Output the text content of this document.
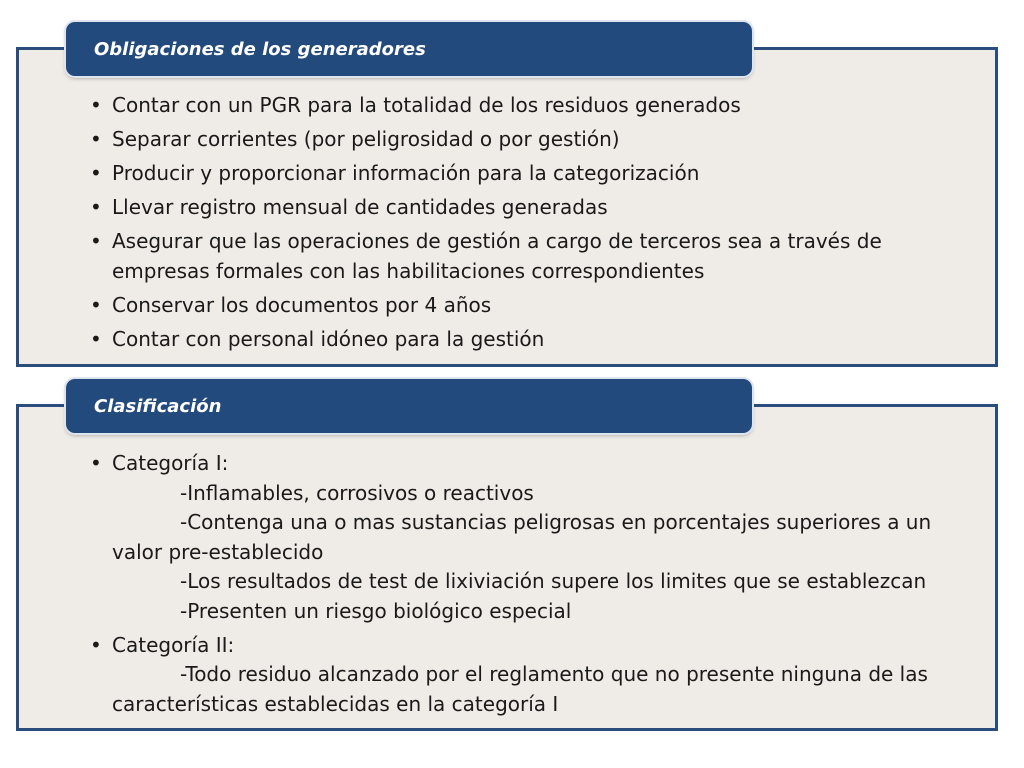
Obligaciones de los generadores
• Contar con un PGR para la totalidad de los residuos generados
• Separar corrientes (por peligrosidad o por gestión)
• Producir y proporcionar información para la categorización
• Llevar registro mensual de cantidades generadas
• Asegurar que las operaciones de gestión a cargo de terceros sea a través de empresas formales con las habilitaciones correspondientes
• Conservar los documentos por 4 años
• Contar con personal idóneo para la gestión
Clasificación
• Categoría I:
-Inflamables, corrosivos o reactivos
-Contenga una o mas sustancias peligrosas en porcentajes superiores a un valor pre-establecido
-Los resultados de test de lixiviación supere los limites que se establezcan
-Presenten un riesgo biológico especial
• Categoría II:
-Todo residuo alcanzado por el reglamento que no presente ninguna de las características establecidas en la categoría I
